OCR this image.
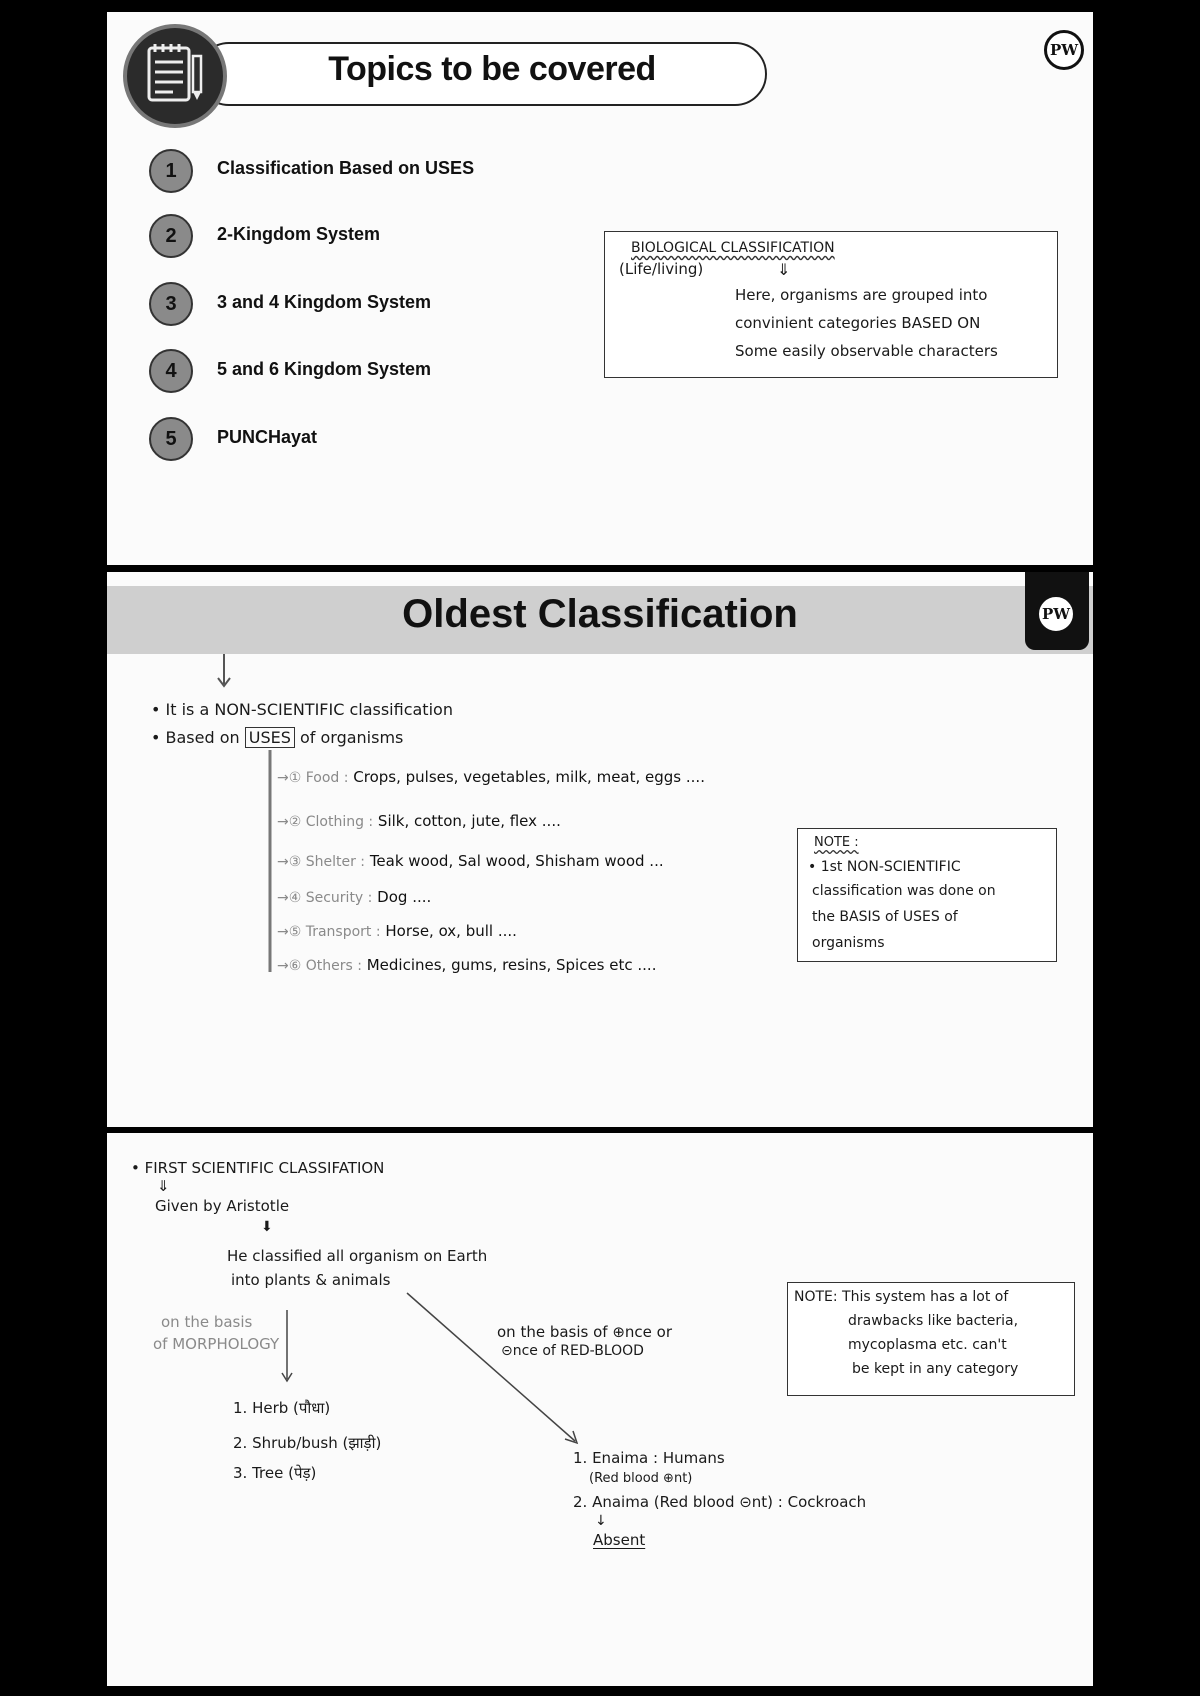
Topics to be covered	PW
1	Classification Based on USES
2	2-Kingdom System
3	3 and 4 Kingdom System
4	5 and 6 Kingdom System
5	PUNCHayat
BIOLOGICAL CLASSIFICATION
(Life/living)	⇓
Here, organisms are grouped into
convinient categories BASED ON
Some easily observable characters
Oldest Classification	PW
• It is a NON-SCIENTIFIC classification
• Based on USES of organisms
→① Food : Crops, pulses, vegetables, milk, meat, eggs ....
→② Clothing : Silk, cotton, jute, flex ....
→③ Shelter : Teak wood, Sal wood, Shisham wood ...
→④ Security : Dog ....
→⑤ Transport : Horse, ox, bull ....
→⑥ Others : Medicines, gums, resins, Spices etc ....
NOTE :
• 1st NON-SCIENTIFIC
classification was done on
the BASIS of USES of
organisms
• FIRST SCIENTIFIC CLASSIFATION
⇓
Given by Aristotle
⬇
He classified all organism on Earth
into plants & animals
on the basis
of MORPHOLOGY
on the basis of ⊕nce or
⊝nce of RED-BLOOD
1. Herb (पौधा)
2. Shrub/bush (झाड़ी)
3. Tree (पेड़)
1. Enaima : Humans
(Red blood ⊕nt)
2. Anaima (Red blood ⊝nt) : Cockroach
↓
Absent
NOTE: This system has a lot of
drawbacks like bacteria,
mycoplasma etc. can't
be kept in any category
